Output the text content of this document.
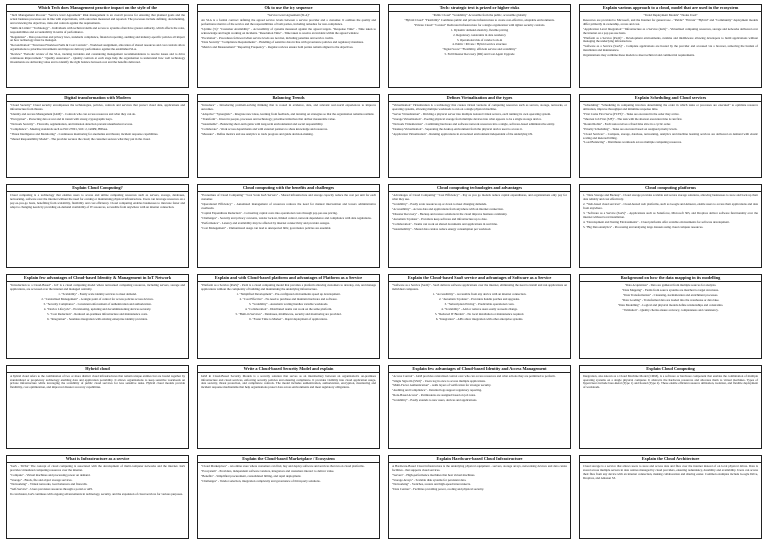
Which Tech does Management practice impact on the style of the

"Tech Management Process" "Service level Agreement" Risk management is an overall process for ensuring that planned goals and the actual business processes are in line with expectations, with outcomes measured and reported. The processes include defining, documenting, and reviewing the objectives, risks and controls against the requirements.

"Skills & Limits" "Technology" - Individuals with technical skills and access to systems often have greater authority, which affects the roles, responsibilities and accountability in terms of performance.

"Regulation" - Data protection and privacy laws, standards compliance, financial reporting, auditing and industry-specific policies all impact on how technology must be managed.

"Reconciliation" "Structured Workload Sells & Cost Controls" - Workload assignment, allocation of shared resources and cost controls allow organizations to prioritise investments and improve delivery performance against the established SLA.

"Review" "Periodic review of the SLA, tracking incidents and considering management recommendations to resolve issues and to drive continuous improvement." "Quality Assurance" - Quality controls at each stage help the organisation to understand how well technology investments are delivering value and to identify the right balance between cost and the benefits delivered.

Ok to use the icy sequence

"Service Level Agreement (SLA)"

An SLA is a formal contract defining the agreed service levels between a service provider and a customer. It outlines the quality and performance metrics of the service and the responsibilities of both parties, including remedies for non-compliance.

"Uptime (%)" "Customer Availability" - Accessibility of systems measured against the agreed targets. "Response Time" - Time taken to acknowledge and begin working on incidents. "Resolution Time" - Time taken to resolve an incident within the agreed window.

"Escalation" - Procedures followed when service levels are not met, including penalties and service credits.

"Data Security" "Compliance Requirements" - Handling of sensitive data in line with governance policies and regulatory mandates.

"Metrics and Measurement" "Reporting Frequency" - Regular reviews ensure both parties remain aligned to the objectives.

Tech: strategic text is prized or higher risks

"Public Cloud" "Scalability" Accessible from the public, accessible globally

"Hybrid Cloud" "Flexibility" Combines public and private infrastructure to create cost-effective, adaptable environments.

"Private Cloud" "Control" Dedicated infrastructure for a single organization with tighter security controls.

1. Dynamic demand elasticity, flexible pricing

2. Regulatory constraints in data residency

3. Operational risk of vendor lock-in

4. Public / Private / Hybrid service structure

"Signal Score" "Flexibility, efficient service and scalability"

5. Full Disaster Recovery (DR) and Cost Agent Upgrade

Explain various approach to a cloud, model that are used in the ecosystem

"Trend Deployment Models" "Nodes Used"

Resources are provided to Microsoft, and the Internet for general use - "Public" "Private" "Hybrid" and "Community" deployment models differ primarily in ownership, access and cost.

"Application Level Integration" "Infrastructure as a Service (IaaS)" - Virtualized computing resources, storage and networks delivered over the internet on a pay-per-use basis.

"Platform as a Service (PaaS)" - Development environments, runtime and middleware allowing developers to build applications without managing the underlying infrastructure.

"Software as a Service (SaaS)" - Complete applications are hosted by the provider and accessed via a browser, removing the burden of installation and maintenance.

Organizations may combine these models to meet technical and commercial requirements.

Digital transformation with Modern

"Cloud Security" Cloud security encompasses the technologies, policies, controls and services that protect cloud data, applications and infrastructure from threats.

"Identity and Access Management (IAM)" - Controls who can access resources and what they can do.

"Encryption" - Protecting data at rest and in transit with strong cryptographic keys.

"Network Security" - Firewalls, segmentation, and intrusion detection prevent unauthorized access.

"Compliance" - Meeting standards such as ISO 27001, SOC 2, GDPR, HIPAA.

"Threat Intelligence and Monitoring" - Continuous monitoring for anomalies and threats; incident response capabilities.

"Shared Responsibility Model" - The provider secures the cloud; the customer secures what they put in the cloud.

Balancing Trends

"Introduce" - Introducing problem-solving thinking that is rooted in evidence, data, and relevant real-world experiences to improve outcomes.

"Adaptive" "Synergistic" - Integrate new ideas, learning from feedback, and iterating on strategies so that the organization remains resilient.

"Transform" - Invest in people, processes and technology; prioritise initiatives that deliver measurable value.

"Sustainable" - Balancing short-term gains with long-term environmental and social responsibility.

"Collaborate" - Work across departments and with external partners to share knowledge and resources.

"Measure" - Define metrics and use analytics to track progress and guide decision-making.

Defines Virtualization and the types

"Virtualization" Virtualization is a technology that creates virtual versions of computing resources such as servers, storage, networks, or operating systems, allowing multiple workloads to run on a single physical machine.

"Server Virtualization" - Dividing a physical server into multiple isolated virtual servers, each running its own operating system.

"Storage Virtualization" - Pooling physical storage from multiple devices into what appears to be a single storage device.

"Network Virtualization" - Combining hardware and software network resources into a single, software-based administrative entity.

"Desktop Virtualization" - Separating the desktop environment from the physical device used to access it.

"Application Virtualization" - Running applications in an isolated environment independent of the underlying OS.

Explain Scheduling and Cloud services

"Scheduling" "Scheduling in computing involves determining the order in which tasks or processes are executed" to optimize resource utilization, improve throughput and minimize response time.

"First Come First Serve (FCFS)" - Tasks are executed in the order they arrive.

"Shortest Job First (SJF)" - The task with the shortest execution time is run first.

"Round Robin" - Each task receives a fixed time slice in a cyclic order.

"Priority Scheduling" - Tasks are executed based on assigned priority levels.

"Cloud Services" - Compute, storage, database, networking, analytics and machine learning services are delivered on demand with elastic scaling and metered billing.

"Load Balancing" - Distributes workloads across multiple computing resources.

Explain Cloud Computing?

Cloud computing is a technology that enables users to access and utilize computing resources such as servers, storage, databases, networking, software over the internet without the need for owning or maintaining physical infrastructure. Users can leverage resources on a pay-as-you-go basis, benefiting from scalability, flexibility and cost efficiency. Cloud computing enables businesses to innovate faster and adapt to changing needs by providing on-demand availability of IT resources, accessible from anywhere with an internet connection.

Cloud computing with the benefits and challenges

"Economies of Cloud Computing" "Cost Scale IaaS Servers" - Shared infrastructure and storage capacity reduce the cost per unit for each customer.

"Operational Efficiency" - Automated management of resources reduces the need for manual intervention and lowers administrative overheads.

"Capital Expenditure Reduction" - Converting capital costs into operational costs through pay-per-use pricing.

"Challenges" - Security and privacy concerns, vendor lock-in, limited control, network dependence and compliance with data regulations.

"Performance" - Latency and availability may be affected by internet connectivity and provider outages.

"Cost Management" - Unmonitored usage can lead to unexpected bills; governance policies are essential.

Cloud computing technologies and advantages

"Advantages of Cloud Computing" "Cost Efficiency" - Pay as you go models reduce capital expenditures, and organizations only pay for what they use.

"Scalability" - Easily scale resources up or down to meet changing demands.

"Accessibility" - Access data and applications from anywhere with an internet connection.

"Disaster Recovery" - Backup and restore solutions in the cloud improve business continuity.

"Automatic Updates" - Providers keep software and infrastructure up to date.

"Collaboration" - Teams can work on shared documents and applications in real time.

"Sustainability" - Shared data centres reduce energy consumption per workload.

Cloud computing platforms

1. "Data Storage and Backup" - Cloud storage provides scalable and secure storage solutions, allowing businesses to store and back up their data reliably and cost effectively.

2. "Web-based cloud services" - Cloud-hosted web platforms, such as Google and Amazon, enable users to access their applications and data from anywhere.

3. "Software as a Service (SaaS)" - Applications such as Salesforce, Microsoft 365, and Dropbox deliver software functionality over the internet without local installation.

4. "Development and Testing Environments" - Cloud platforms offer scalable environments for software development.

5. "Big Data Analytics" - Processing and analysing large datasets using cloud compute resources.

Explain few advantages of Cloud-based Identity & Management in IoT Network

"Introduction to a Cloud-Based" - IoT is a cloud computing model where networked computing resources, including servers, storage and applications, are accessed over the internet and managed centrally.

1. "Scalability" - Easily scale identity services to meet demand.

2. "Centralized Management" - A single point of control for access policies across devices.

3. "Security Compliance" - Consistent enforcement of authentication and authorization.

4. "Device Lifecycle" - Provisioning, updating and decommissioning devices securely.

5. "Cost Reduction" - Reduced on-premises infrastructure and maintenance costs.

6. "Integration" - Seamless integration with existing enterprise identity providers.

Explain and with Cloud-based platform and advantages of Platform as a Service

"Platform as a Service (PaaS)" - PaaS is a cloud computing model that provides a platform allowing customers to develop, run, and manage applications without the complexity of building and maintaining the underlying infrastructure.

1. "Simplified Development" - Pre-configured environments speed up development.

2. "Cost Effective" - No need to purchase and maintain hardware and software.

3. "Scalability" - Automatic scaling handles variable workloads.

4. "Collaboration" - Distributed teams can work on the same platform.

5. "Built-in Services" - Databases, middleware, security and monitoring are provided.

6. "Faster Time to Market" - Rapid deployment of applications.

Explain the Cloud-based SaaS service and advantages of Software as a Service

"Software as a Service (SaaS)" - SaaS delivers software applications over the internet, eliminating the need to install and run applications on individual computers.

1. "Accessibility" - Accessible from any device with an internet connection.

2. "Automatic Updates" - Providers handle patches and upgrades.

3. "Subscription Pricing" - Predictable operational costs.

4. "Scalability" - Add or remove users easily as needs change.

5. "Reduced IT Burden" - No local installation or maintenance required.

6. "Integration" - APIs allow integration with other enterprise systems.

Background on how the data mapping in its modelling

"Data Acquisition" - Data are gathered from multiple sources for analysis.

"Data Mapping" - Fields from source systems are matched to target structures.

"Data Transformation" - Cleansing, normalization and enrichment processes.

"Data Loading" - Transformed data are loaded into the warehouse or data lake.

"Data Modelling" - Logical and physical models define relationships and constraints.

"Validation" - Quality checks ensure accuracy, completeness and consistency.

Hybrid cloud

A hybrid cloud refers to the combination of two or more distinct cloud infrastructures that remain unique entities but are bound together by standardized or proprietary technology enabling data and application portability. It allows organizations to keep sensitive workloads on private infrastructure while leveraging the scalability of public cloud services for less sensitive tasks. Hybrid cloud models provide flexibility, cost optimization, and improved disaster recovery capabilities.

Write a Cloud-based Security Model and explain

IAM in Cloud-Based Security Models is a security solution that serves as an intermediary between an organization's on-premises infrastructure and cloud services, enforcing security policies and ensuring compliance. It provides visibility into cloud application usage, data security, threat protection, and compliance controls. The model includes authentication, authorization, encryption, monitoring and incident response mechanisms that help organizations protect data across environments and meet regulatory obligations.

Explain few advantages of Cloud-based Identity and Access Management

"Access Control" - IAM provides centralized control over who can access resources and what actions they are permitted to perform.

"Single Sign-On (SSO)" - Users log in once to access multiple applications.

"Multi-Factor Authentication" - Adds layers of verification for stronger security.

"Auditing and Compliance" - Detailed logs support regulatory reporting.

"Role-Based Access" - Permissions are assigned based on job roles.

"Scalability" - Easily extends to new users, devices and applications.

Explain Cloud Computing

Integration, also known as a Cloud Machine Model (CMM), is a software or hardware component that enables the combination of multiple operating systems on a single physical computer. It abstracts the hardware resources and allocates them to virtual machines. Types of hypervisors include bare-metal (Type 1) and hosted (Type 2). These enable efficient resource utilization, isolation, and flexible deployment of workloads.

What is Infrastructure as a service

"IaaS - TOTA" The concept of cloud computing is associated with the development of multi-computer networks and the internet. IaaS provides virtualized computing resources over the internet.

"Compute" - Virtual machines and processing power on demand.

"Storage" - Block, file and object storage services.

"Networking" - Virtual networks, load balancers and firewalls.

"Self-Service" - Users provision resources through a portal or API.

In conclusion, IaaS continues with ongoing advancements in technology, security, and the expansion of cloud services for various purposes.

Explain the Cloud-based Marketplace / Ecosystem

"Cloud Marketplace" - An online store where customers can find, buy and deploy software and services that run on cloud platforms.

"Ecosystem" - Providers, independent software vendors, integrators and customers interact to deliver value.

"Benefits" - Simplified procurement, consolidated billing, and rapid deployment.

"Challenges" - Vendor selection, integration complexity and governance of third-party solutions.

Explain Hardware-based Cloud Infrastructure

A Hardware-Based Cloud infrastructure is the underlying physical equipment - servers, storage arrays, networking devices and data centre facilities - that supports cloud services.

"Servers" - High-performance machines that host virtual machines.

"Storage Arrays" - Scalable disk systems for persistent data.

"Networking" - Switches, routers and high-speed interconnects.

"Data Centres" - Facilities providing power, cooling and physical security.

Explain the Cloud Architecture

Cloud storage is a service that allows users to store and access data and files over the internet instead of on local physical drives. Data is stored across multiple servers in data centres managed by cloud providers, ensuring redundancy, durability and availability. Users can access their files from any device with an internet connection, making collaboration and sharing easier. Common examples include Google Drive, Dropbox, and Amazon S3.
